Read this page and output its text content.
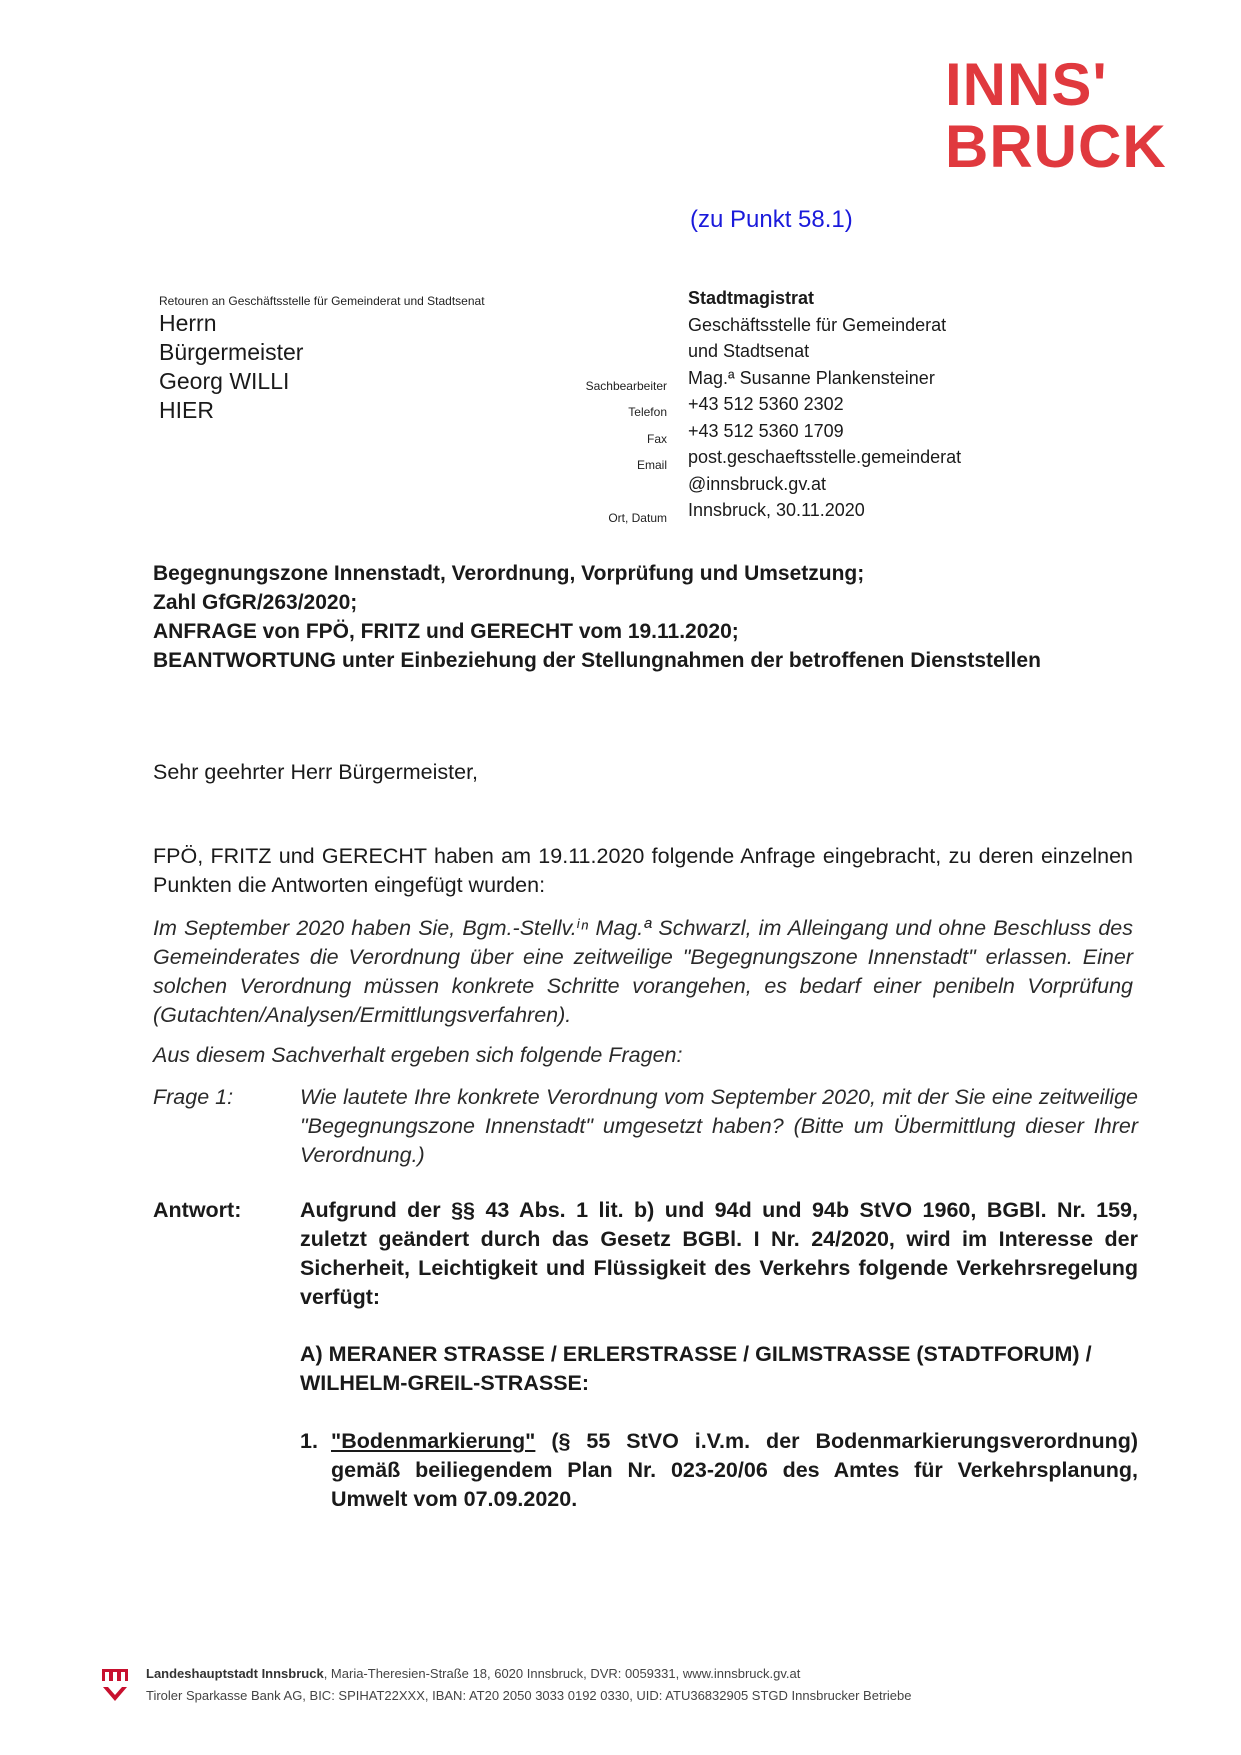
INNS'
BRUCK
(zu Punkt 58.1)
Retouren an Geschäftsstelle für Gemeinderat und Stadtsenat
Herrn
Bürgermeister
Georg WILLI
HIER

Sachbearbeiter
Telefon
Fax
Email

Ort, Datum
Stadtmagistrat
Geschäftsstelle für Gemeinderat
und Stadtsenat
Mag.ª Susanne Plankensteiner
+43 512 5360 2302
+43 512 5360 1709
post.geschaeftsstelle.gemeinderat
@innsbruck.gv.at
Innsbruck, 30.11.2020
Begegnungszone Innenstadt, Verordnung, Vorprüfung und Umsetzung;
Zahl GfGR/263/2020;
ANFRAGE von FPÖ, FRITZ und GERECHT vom 19.11.2020;
BEANTWORTUNG unter Einbeziehung der Stellungnahmen der betroffenen Dienststellen
Sehr geehrter Herr Bürgermeister,
FPÖ, FRITZ und GERECHT haben am 19.11.2020 folgende Anfrage eingebracht, zu deren einzelnen Punkten die Antworten eingefügt wurden:
Im September 2020 haben Sie, Bgm.-Stellv.ⁱⁿ Mag.ª Schwarzl, im Alleingang und ohne Beschluss des Gemeinderates die Verordnung über eine zeitweilige "Begegnungszone Innenstadt" erlassen. Einer solchen Verordnung müssen konkrete Schritte vorangehen, es bedarf einer penibeln Vorprüfung (Gutachten/Analysen/Ermittlungsverfahren).
Aus diesem Sachverhalt ergeben sich folgende Fragen:
Frage 1:	Wie lautete Ihre konkrete Verordnung vom September 2020, mit der Sie eine zeitweilige "Begegnungszone Innenstadt" umgesetzt haben? (Bitte um Übermittlung dieser Ihrer Verordnung.)
Antwort:	Aufgrund der §§ 43 Abs. 1 lit. b) und 94d und 94b StVO 1960, BGBl. Nr. 159, zuletzt geändert durch das Gesetz BGBl. I Nr. 24/2020, wird im Interesse der Sicherheit, Leichtigkeit und Flüssigkeit des Verkehrs folgende Verkehrsregelung verfügt:
A) MERANER STRASSE / ERLERSTRASSE / GILMSTRASSE (STADTFORUM) / WILHELM-GREIL-STRASSE:
1. "Bodenmarkierung" (§ 55 StVO i.V.m. der Bodenmarkierungsverordnung) gemäß beiliegendem Plan Nr. 023-20/06 des Amtes für Verkehrsplanung, Umwelt vom 07.09.2020.
Landeshauptstadt Innsbruck, Maria-Theresien-Straße 18, 6020 Innsbruck, DVR: 0059331, www.innsbruck.gv.at
Tiroler Sparkasse Bank AG, BIC: SPIHAT22XXX, IBAN: AT20 2050 3033 0192 0330, UID: ATU36832905 STGD Innsbrucker Betriebe
